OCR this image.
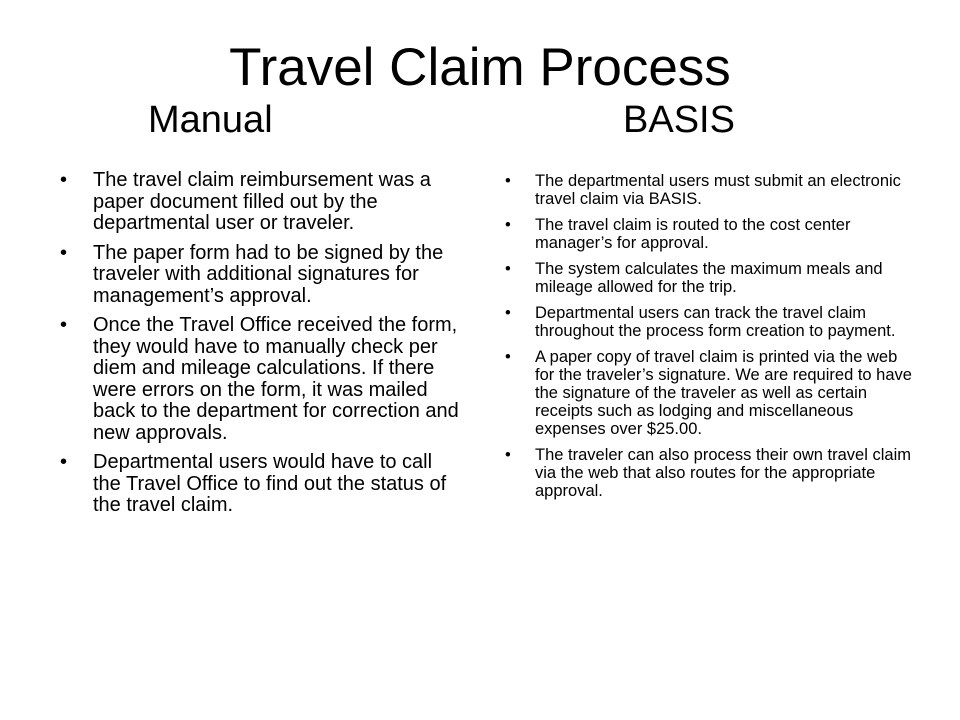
Travel Claim Process
Manual	BASIS
• The travel claim reimbursement was a paper document filled out by the departmental user or traveler.
• The paper form had to be signed by the traveler with additional signatures for management’s approval.
• Once the Travel Office received the form, they would have to manually check per diem and mileage calculations. If there were errors on the form, it was mailed back to the department for correction and new approvals.
• Departmental users would have to call the Travel Office to find out the status of the travel claim.
• The departmental users must submit an electronic travel claim via BASIS.
• The travel claim is routed to the cost center manager’s for approval.
• The system calculates the maximum meals and mileage allowed for the trip.
• Departmental users can track the travel claim throughout the process form creation to payment.
• A paper copy of travel claim is printed via the web for the traveler’s signature. We are required to have the signature of the traveler as well as certain receipts such as lodging and miscellaneous expenses over $25.00.
• The traveler can also process their own travel claim via the web that also routes for the appropriate approval.
